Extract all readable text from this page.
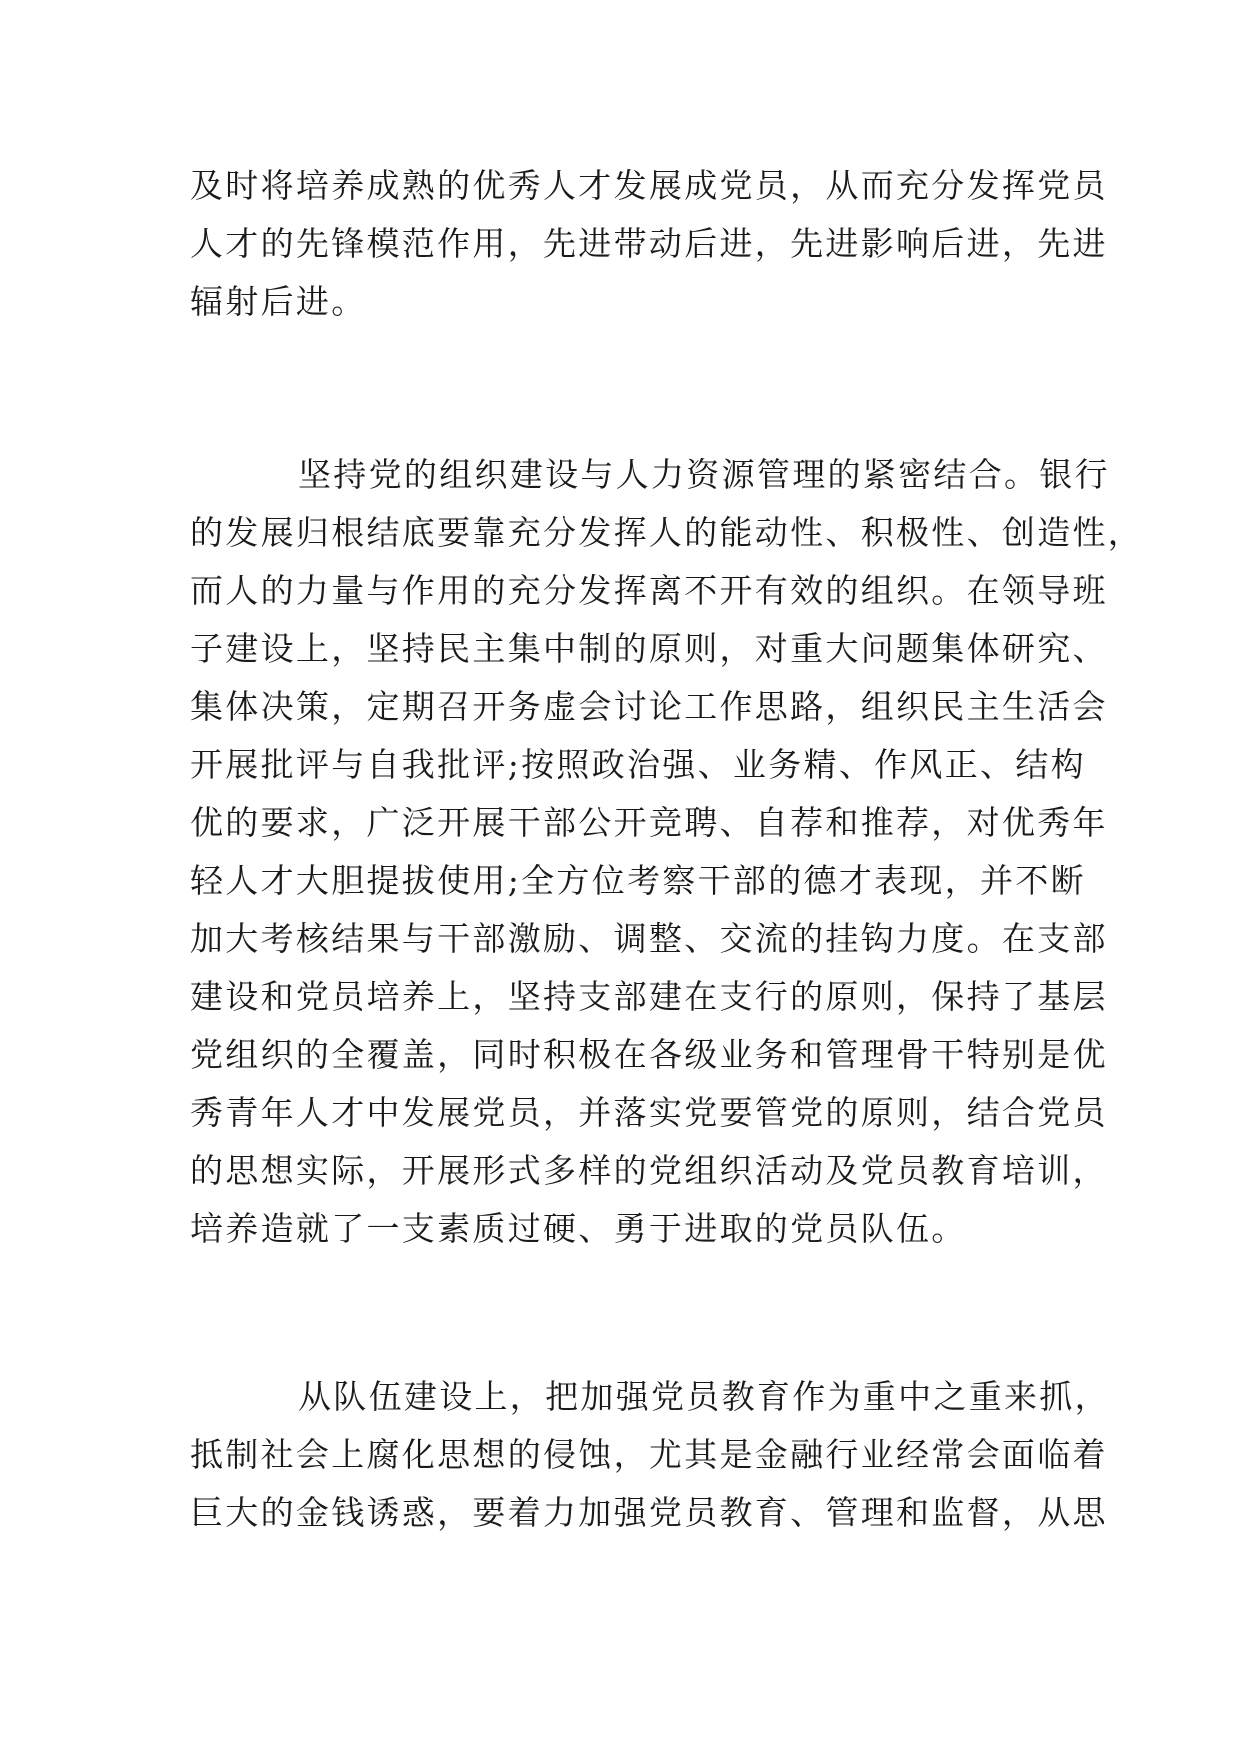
及时将培养成熟的优秀人才发展成党员，从而充分发挥党员
人才的先锋模范作用，先进带动后进，先进影响后进，先进
辐射后进。
坚持党的组织建设与人力资源管理的紧密结合。银行
的发展归根结底要靠充分发挥人的能动性、积极性、创造性，
而人的力量与作用的充分发挥离不开有效的组织。在领导班
子建设上，坚持民主集中制的原则，对重大问题集体研究、
集体决策，定期召开务虚会讨论工作思路，组织民主生活会
开展批评与自我批评;按照政治强、业务精、作风正、结构
优的要求，广泛开展干部公开竞聘、自荐和推荐，对优秀年
轻人才大胆提拔使用;全方位考察干部的德才表现，并不断
加大考核结果与干部激励、调整、交流的挂钩力度。在支部
建设和党员培养上，坚持支部建在支行的原则，保持了基层
党组织的全覆盖，同时积极在各级业务和管理骨干特别是优
秀青年人才中发展党员，并落实党要管党的原则，结合党员
的思想实际，开展形式多样的党组织活动及党员教育培训，
培养造就了一支素质过硬、勇于进取的党员队伍。
从队伍建设上，把加强党员教育作为重中之重来抓，
抵制社会上腐化思想的侵蚀，尤其是金融行业经常会面临着
巨大的金钱诱惑，要着力加强党员教育、管理和监督，从思
